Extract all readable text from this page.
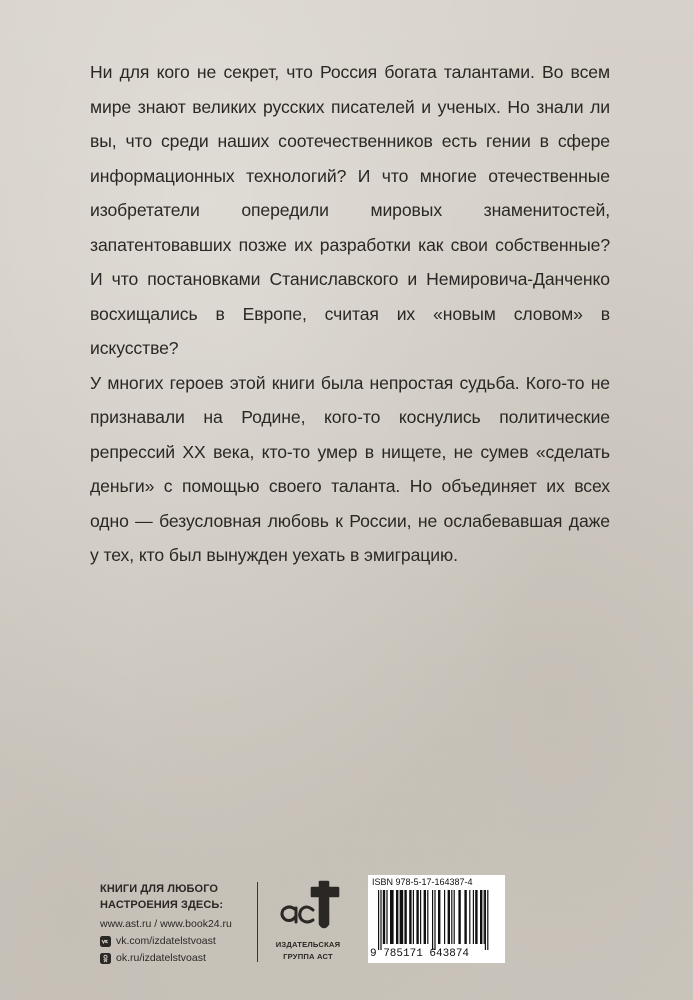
Ни для кого не секрет, что Россия богата талантами. Во всем мире знают великих русских писателей и ученых. Но знали ли вы, что среди наших соотечественников есть гении в сфере информационных технологий? И что многие отечественные изобретатели опередили мировых знаменитостей, запатентовавших позже их разработки как свои собственные? И что постановками Станиславского и Немировича-Данченко восхищались в Европе, считая их «новым словом» в искусстве?

У многих героев этой книги была непростая судьба. Кого-то не признавали на Родине, кого-то коснулись политические репрессий XX века, кто-то умер в нищете, не сумев «сделать деньги» с помощью своего таланта. Но объединяет их всех одно — безусловная любовь к России, не ослабевавшая даже у тех, кто был вынужден уехать в эмиграцию.

КНИГИ ДЛЯ ЛЮБОГО
НАСТРОЕНИЯ ЗДЕСЬ:
www.ast.ru / www.book24.ru
vk.com/izdatelstvoast
ok.ru/izdatelstvoast
ИЗДАТЕЛЬСКАЯ
ГРУППА АСТ
ISBN 978-5-17-164387-4
9 785171 643874
